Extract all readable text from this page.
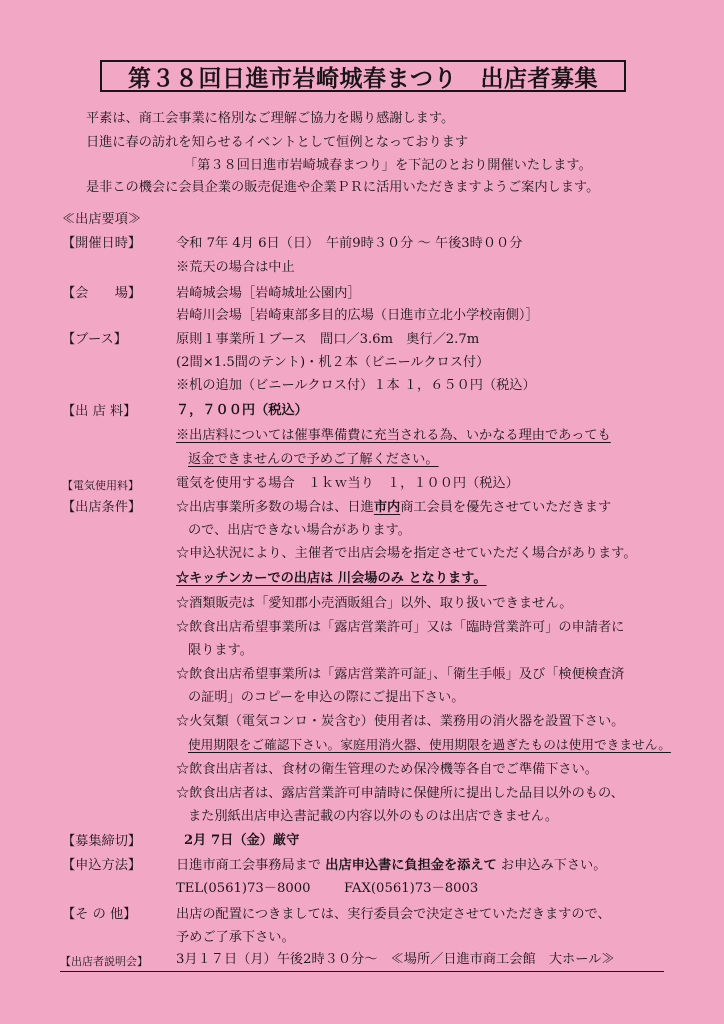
第３８回日進市岩崎城春まつり　出店者募集
平素は、商工会事業に格別なご理解ご協力を賜り感謝します。
日進に春の訪れを知らせるイベントとして恒例となっております
「第３８回日進市岩崎城春まつり」を下記のとおり開催いたします。
是非この機会に会員企業の販売促進や企業ＰＲに活用いただきますようご案内します。
≪出店要項≫
【開催日時】	令和 7年 4月 6日（日）　午前9時３０分 ～ 午後3時００分
※荒天の場合は中止
【会　　場】	岩崎城会場［岩崎城址公園内］
岩崎川会場［岩崎東部多目的広場（日進市立北小学校南側）］
【ブース】	原則１事業所１ブース　間口／3.6m　奥行／2.7m
(2間×1.5間のテント)・机２本（ビニールクロス付）
※机の追加（ビニールクロス付）１本 １，６５０円（税込）
【出 店 料】	７，７００円（税込）
※出店料については催事準備費に充当される為、いかなる理由であっても
返金できませんので予めご了解ください。
【電気使用料】	電気を使用する場合　１ｋｗ当り　１，１００円（税込）
【出店条件】	☆出店事業所多数の場合は、日進市内商工会員を優先させていただきます
ので、出店できない場合があります。
☆申込状況により、主催者で出店会場を指定させていただく場合があります。
☆キッチンカーでの出店は 川会場のみ となります。
☆酒類販売は「愛知郡小売酒販組合」以外、取り扱いできません。
☆飲食出店希望事業所は「露店営業許可」又は「臨時営業許可」の申請者に
限ります。
☆飲食出店希望事業所は「露店営業許可証」、「衛生手帳」及び「検便検査済
の証明」のコピーを申込の際にご提出下さい。
☆火気類（電気コンロ・炭含む）使用者は、業務用の消火器を設置下さい。
使用期限をご確認下さい。家庭用消火器、使用期限を過ぎたものは使用できません。
☆飲食出店者は、食材の衛生管理のため保冷機等各自でご準備下さい。
☆飲食出店者は、露店営業許可申請時に保健所に提出した品目以外のもの、
また別紙出店申込書記載の内容以外のものは出店できません。
【募集締切】	2月 7日（金）厳守
【申込方法】	日進市商工会事務局まで 出店申込書に負担金を添えて お申込み下さい。
TEL(0561)73－8000	FAX(0561)73－8003
【そ の 他】	出店の配置につきましては、実行委員会で決定させていただきますので、
予めご了承下さい。
【出店者説明会】 3月１７日（月）午後2時３０分～　≪場所／日進市商工会館　大ホール≫
